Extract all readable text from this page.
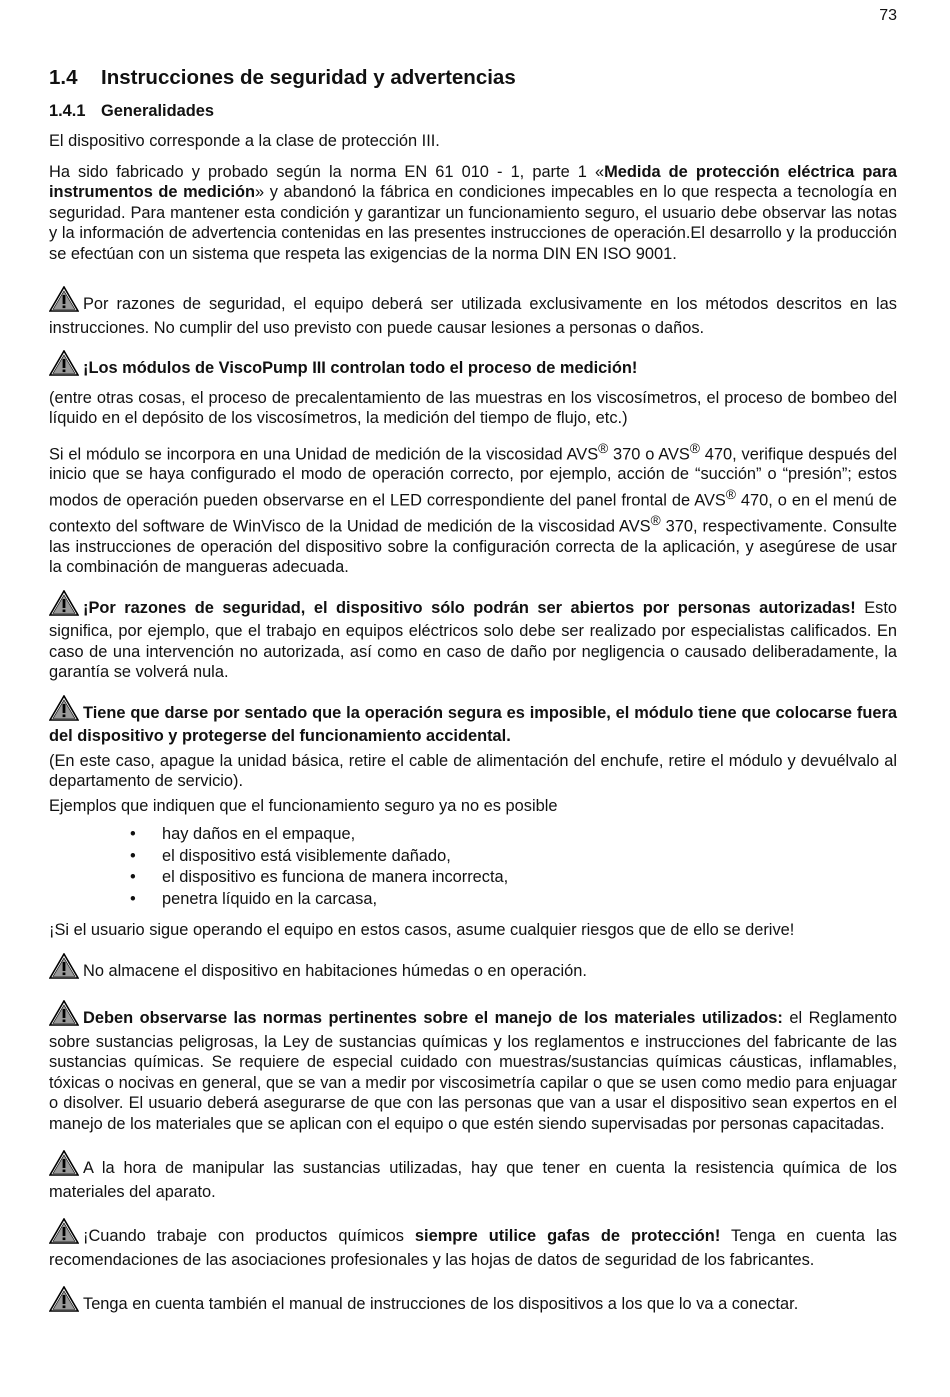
73
1.4 Instrucciones de seguridad y advertencias
1.4.1 Generalidades

El dispositivo corresponde a la clase de protección III.

Ha sido fabricado y probado según la norma EN 61 010 - 1, parte 1 «Medida de protección eléctrica para instrumentos de medición» y abandonó la fábrica en condiciones impecables en lo que respecta a tecnología en seguridad. Para mantener esta condición y garantizar un funcionamiento seguro, el usuario debe observar las notas y la información de advertencia contenidas en las presentes instrucciones de operación.El desarrollo y la producción se efectúan con un sistema que respeta las exigencias de la norma DIN EN ISO 9001.

Por razones de seguridad, el equipo deberá ser utilizada exclusivamente en los métodos descritos en las instrucciones. No cumplir del uso previsto con puede causar lesiones a personas o daños.

¡Los módulos de ViscoPump III controlan todo el proceso de medición!

(entre otras cosas, el proceso de precalentamiento de las muestras en los viscosímetros, el proceso de bombeo del líquido en el depósito de los viscosímetros, la medición del tiempo de flujo, etc.)

Si el módulo se incorpora en una Unidad de medición de la viscosidad AVS® 370 o AVS® 470, verifique después del inicio que se haya configurado el modo de operación correcto, por ejemplo, acción de “succión” o “presión”; estos modos de operación pueden observarse en el LED correspondiente del panel frontal de AVS® 470, o en el menú de contexto del software de WinVisco de la Unidad de medición de la viscosidad AVS® 370, respectivamente. Consulte las instrucciones de operación del dispositivo sobre la configuración correcta de la aplicación, y asegúrese de usar la combinación de mangueras adecuada.

¡Por razones de seguridad, el dispositivo sólo podrán ser abiertos por personas autorizadas! Esto significa, por ejemplo, que el trabajo en equipos eléctricos solo debe ser realizado por especialistas calificados. En caso de una intervención no autorizada, así como en caso de daño por negligencia o causado deliberadamente, la garantía se volverá nula.

Tiene que darse por sentado que la operación segura es imposible, el módulo tiene que colocarse fuera del dispositivo y protegerse del funcionamiento accidental.

(En este caso, apague la unidad básica, retire el cable de alimentación del enchufe, retire el módulo y devuélvalo al departamento de servicio).

Ejemplos que indiquen que el funcionamiento seguro ya no es posible

• hay daños en el empaque,
• el dispositivo está visiblemente dañado,
• el dispositivo es funciona de manera incorrecta,
• penetra líquido en la carcasa,

¡Si el usuario sigue operando el equipo en estos casos, asume cualquier riesgos que de ello se derive!

No almacene el dispositivo en habitaciones húmedas o en operación.

Deben observarse las normas pertinentes sobre el manejo de los materiales utilizados: el Reglamento sobre sustancias peligrosas, la Ley de sustancias químicas y los reglamentos e instrucciones del fabricante de las sustancias químicas. Se requiere de especial cuidado con muestras/sustancias químicas cáusticas, inflamables, tóxicas o nocivas en general, que se van a medir por viscosimetría capilar o que se usen como medio para enjuagar o disolver. El usuario deberá asegurarse de que con las personas que van a usar el dispositivo sean expertos en el manejo de los materiales que se aplican con el equipo o que estén siendo supervisadas por personas capacitadas.

A la hora de manipular las sustancias utilizadas, hay que tener en cuenta la resistencia química de los materiales del aparato.

¡Cuando trabaje con productos químicos siempre utilice gafas de protección! Tenga en cuenta las recomendaciones de las asociaciones profesionales y las hojas de datos de seguridad de los fabricantes.

Tenga en cuenta también el manual de instrucciones de los dispositivos a los que lo va a conectar.
